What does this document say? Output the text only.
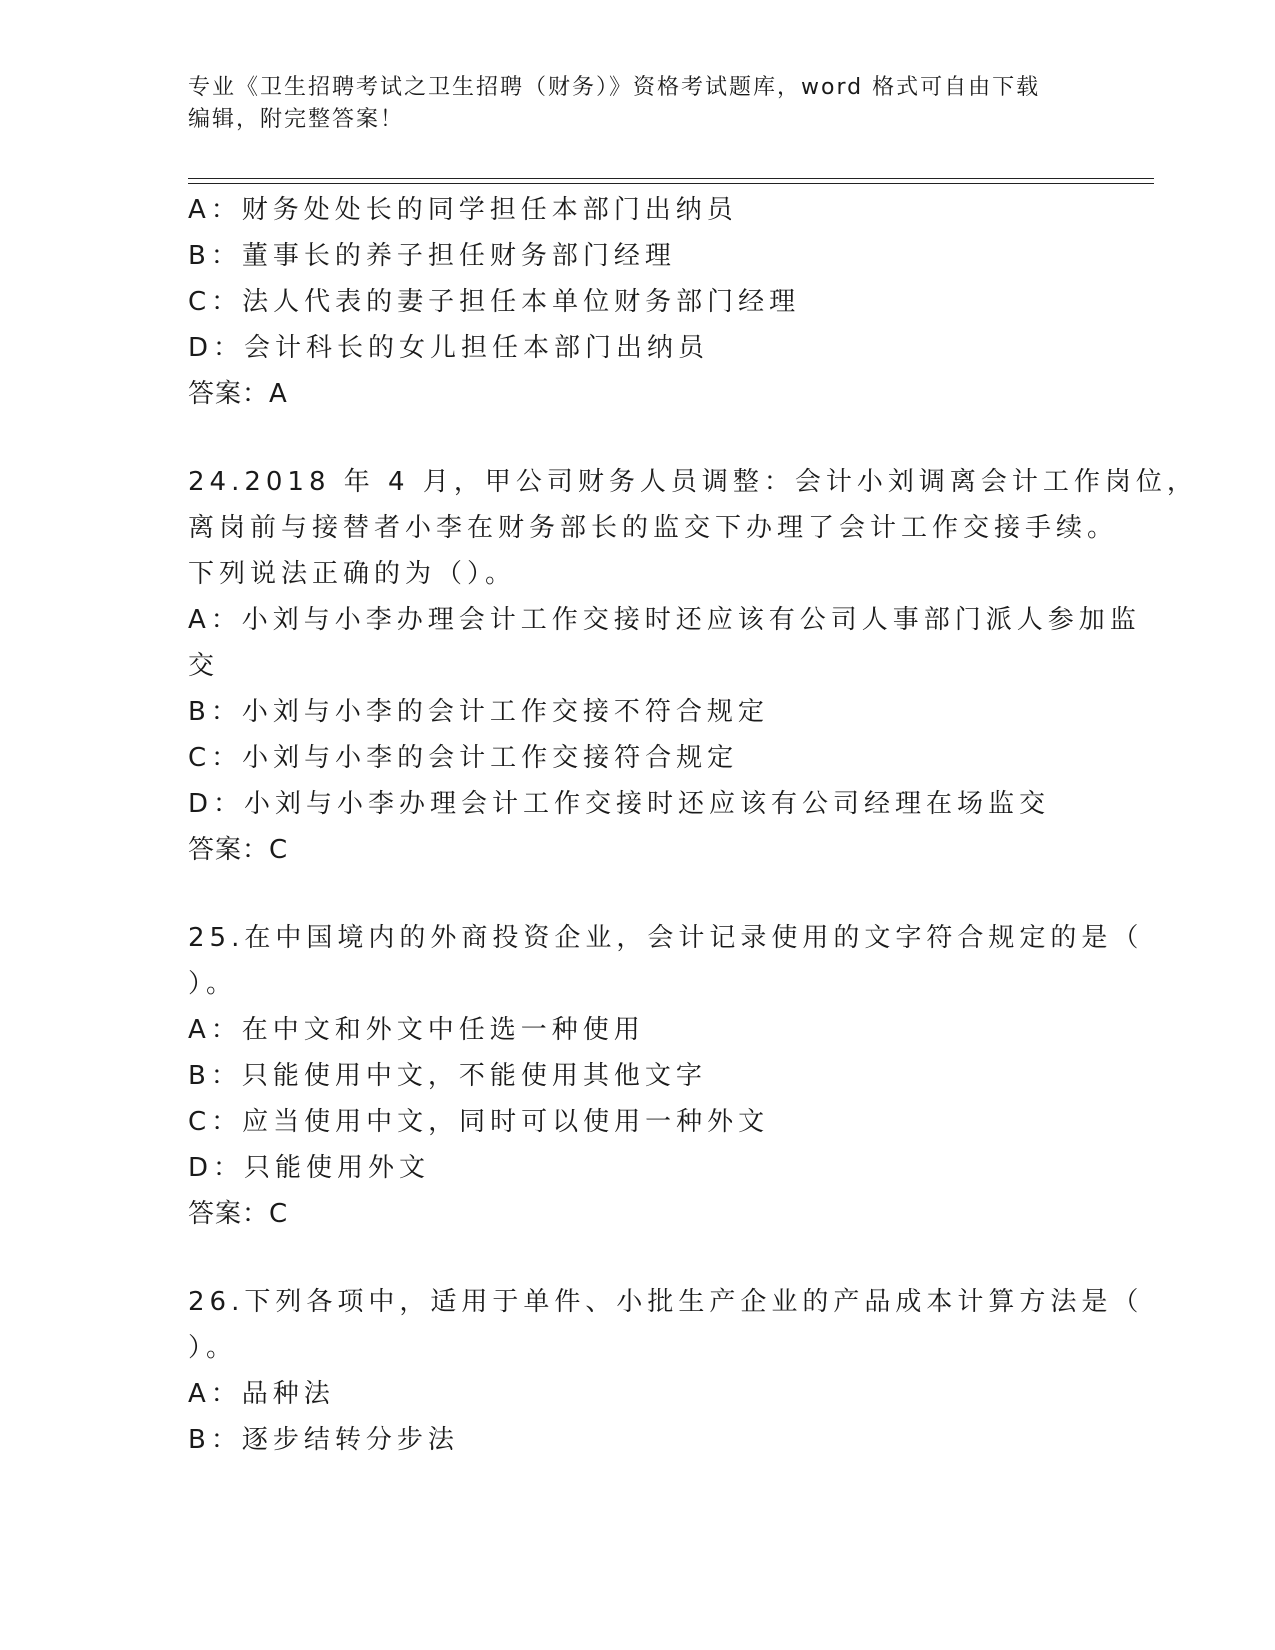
专业《卫生招聘考试之卫生招聘（财务）》资格考试题库，word 格式可自由下载
编辑，附完整答案！
A：财务处处长的同学担任本部门出纳员
B：董事长的养子担任财务部门经理
C：法人代表的妻子担任本单位财务部门经理
D：会计科长的女儿担任本部门出纳员
答案：A
24.2018 年 4 月，甲公司财务人员调整：会计小刘调离会计工作岗位，
离岗前与接替者小李在财务部长的监交下办理了会计工作交接手续。
下列说法正确的为（）。
A：小刘与小李办理会计工作交接时还应该有公司人事部门派人参加监
交
B：小刘与小李的会计工作交接不符合规定
C：小刘与小李的会计工作交接符合规定
D：小刘与小李办理会计工作交接时还应该有公司经理在场监交
答案：C
25.在中国境内的外商投资企业，会计记录使用的文字符合规定的是（
）。
A：在中文和外文中任选一种使用
B：只能使用中文，不能使用其他文字
C：应当使用中文，同时可以使用一种外文
D：只能使用外文
答案：C
26.下列各项中，适用于单件、小批生产企业的产品成本计算方法是（
）。
A：品种法
B：逐步结转分步法
